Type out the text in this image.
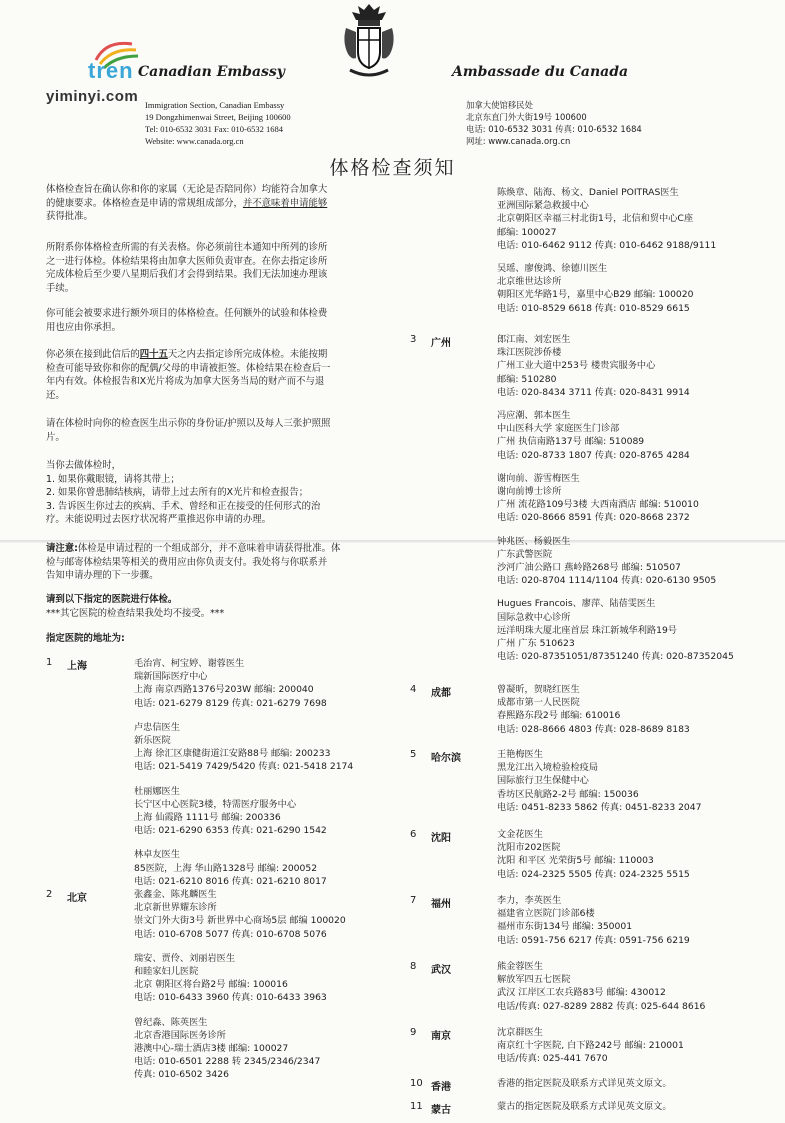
tren
yiminyi.com
Canadian Embassy	Ambassade du Canada
Immigration Section, Canadian Embassy
19 Dongzhimenwai Street, Beijing 100600
Tel: 010-6532 3031 Fax: 010-6532 1684
Website: www.canada.org.cn
加拿大使馆移民处
北京东直门外大街19号 100600
电话: 010-6532 3031 传真: 010-6532 1684
网址: www.canada.org.cn
体格检查须知
体格检查旨在确认你和你的家属（无论是否陪同你）均能符合加拿大
的健康要求。体格检查是申请的常规组成部分，并不意味着申请能够
获得批准。
所附系你体格检查所需的有关表格。你必须前往本通知中所列的诊所
之一进行体检。体检结果将由加拿大医师负责审查。在你去指定诊所
完成体检后至少要八星期后我们才会得到结果。我们无法加速办理该
手续。
你可能会被要求进行额外项目的体格检查。任何额外的试验和体检费
用也应由你承担。
你必须在接到此信后的四十五天之内去指定诊所完成体检。未能按期
检查可能导致你和你的配偶/父母的申请被拒签。体检结果在检查后一
年内有效。体检报告和X光片将成为加拿大医务当局的财产而不与退
还。
请在体检时向你的检查医生出示你的身份证/护照以及每人三张护照照
片。
当你去做体检时，
1. 如果你戴眼镜，请将其带上；
2. 如果你曾患肺结核病，请带上过去所有的X光片和检查报告；
3. 告诉医生你过去的疾病、手术、曾经和正在接受的任何形式的治
疗。未能说明过去医疗状况将严重推迟你申请的办理。
请注意:体检是申请过程的一个组成部分，并不意味着申请获得批准。体
检与邮寄体检结果等相关的费用应由你负责支付。我处将与你联系并
告知申请办理的下一步骤。
请到以下指定的医院进行体检。
***其它医院的检查结果我处均不接受。***
指定医院的地址为:
1 上海	毛治宵、柯宝婷、谢蓉医生
瑞新国际医疗中心
上海 南京西路1376号203W 邮编: 200040
电话: 021-6279 8129 传真: 021-6279 7698
卢忠信医生
新乐医院
上海 徐汇区康健街道江安路88号 邮编: 200233
电话: 021-5419 7429/5420 传真: 021-5418 2174
杜丽娜医生
长宁区中心医院3楼，特需医疗服务中心
上海 仙霞路 1111号 邮编: 200336
电话: 021-6290 6353 传真: 021-6290 1542
林卓友医生
85医院，上海 华山路1328号 邮编: 200052
电话: 021-6210 8016 传真: 021-6210 8017
2 北京	张鑫金、陈兆麟医生
北京新世界耀东诊所
崇文门外大街3号 新世界中心商场5层 邮编 100020
电话: 010-6708 5077 传真: 010-6708 5076
瑞安、贾伶、刘丽岩医生
和睦家妇儿医院
北京 朝阳区将台路2号 邮编: 100016
电话: 010-6433 3960 传真: 010-6433 3963
曾纪淼、陈英医生
北京香港国际医务诊所
港澳中心-瑞士酒店3楼 邮编: 100027
电话: 010-6501 2288 转 2345/2346/2347
传真: 010-6502 3426
陈焕章、陆海、杨文、Daniel POITRAS医生
亚洲国际紧急救援中心
北京朝阳区幸福三村北街1号，北信和贸中心C座
邮编: 100027
电话: 010-6462 9112 传真: 010-6462 9188/9111
吴瑶、廖俊鸿、徐德川医生
北京维世达诊所
朝阳区光华路1号，嘉里中心B29 邮编: 100020
电话: 010-8529 6618 传真: 010-8529 6615
3 广州	郎江南、刘宏医生
珠江医院涉侨楼
广州工业大道中253号 楼贵宾服务中心
邮编: 510280
电话: 020-8434 3711 传真: 020-8431 9914
冯应潮、郭本医生
中山医科大学 家庭医生门诊部
广州 执信南路137号 邮编: 510089
电话: 020-8733 1807 传真: 020-8765 4284
谢向前、游雪梅医生
谢向前博士诊所
广州 流花路109号3楼 大西南酒店 邮编: 510010
电话: 020-8666 8591 传真: 020-8668 2372
钟兆医、杨毅医生
广东武警医院
沙河广油公路口 燕岭路268号 邮编: 510507
电话: 020-8704 1114/1104 传真: 020-6130 9505
Hugues Francois、廖萍、陆蓓雯医生
国际急救中心诊所
远洋明珠大厦北座首层 珠江新城华利路19号
广州 广东 510623
电话: 020-87351051/87351240 传真: 020-87352045
4 成都	曾凝昕，贺晓红医生
成都市第一人民医院
春熙路东段2号 邮编: 610016
电话: 028-8666 4803 传真: 028-8689 8183
5 哈尔滨	王艳梅医生
黑龙江出入境检验检疫局
国际旅行卫生保健中心
香坊区民航路2-2号 邮编: 150036
电话: 0451-8233 5862 传真: 0451-8233 2047
6 沈阳	文金花医生
沈阳市202医院
沈阳 和平区 光荣街5号 邮编: 110003
电话: 024-2325 5505 传真: 024-2325 5515
7 福州	李力，李英医生
福建省立医院门诊部6楼
福州市东街134号 邮编: 350001
电话: 0591-756 6217 传真: 0591-756 6219
8 武汉	熊金蓉医生
解放军四五七医院
武汉 江岸区工农兵路83号 邮编: 430012
电话/传真: 027-8289 2882 传真: 025-644 8616
9 南京	沈京群医生
南京红十字医院, 白下路242号 邮编: 210001
电话/传真: 025-441 7670
10 香港	香港的指定医院及联系方式详见英文原文。
11 蒙古	蒙古的指定医院及联系方式详见英文原文。
